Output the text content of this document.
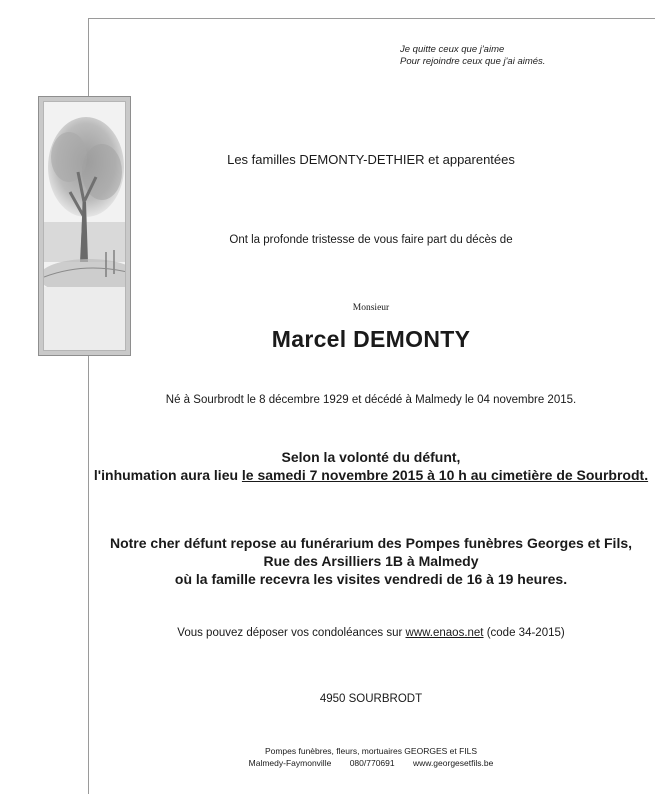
Je quitte ceux que j'aime
Pour rejoindre ceux que j'ai aimés.
Les familles DEMONTY-DETHIER et apparentées
Ont la profonde tristesse de vous faire part du décès de
Monsieur
Marcel DEMONTY
Né à Sourbrodt le 8 décembre 1929 et décédé à Malmedy le 04 novembre 2015.
Selon la volonté du défunt,
l'inhumation aura lieu le samedi 7 novembre 2015 à 10 h au cimetière de Sourbrodt.
Notre cher défunt repose au funérarium des Pompes funèbres Georges et Fils,
Rue des Arsilliers 1B à Malmedy
où la famille recevra les visites vendredi de 16 à 19 heures.
Vous pouvez déposer vos condoléances sur www.enaos.net (code 34-2015)
4950 SOURBRODT
Pompes funèbres, fleurs, mortuaires GEORGES et FILS
Malmedy-Faymonville 080/770691 www.georgesetfils.be
